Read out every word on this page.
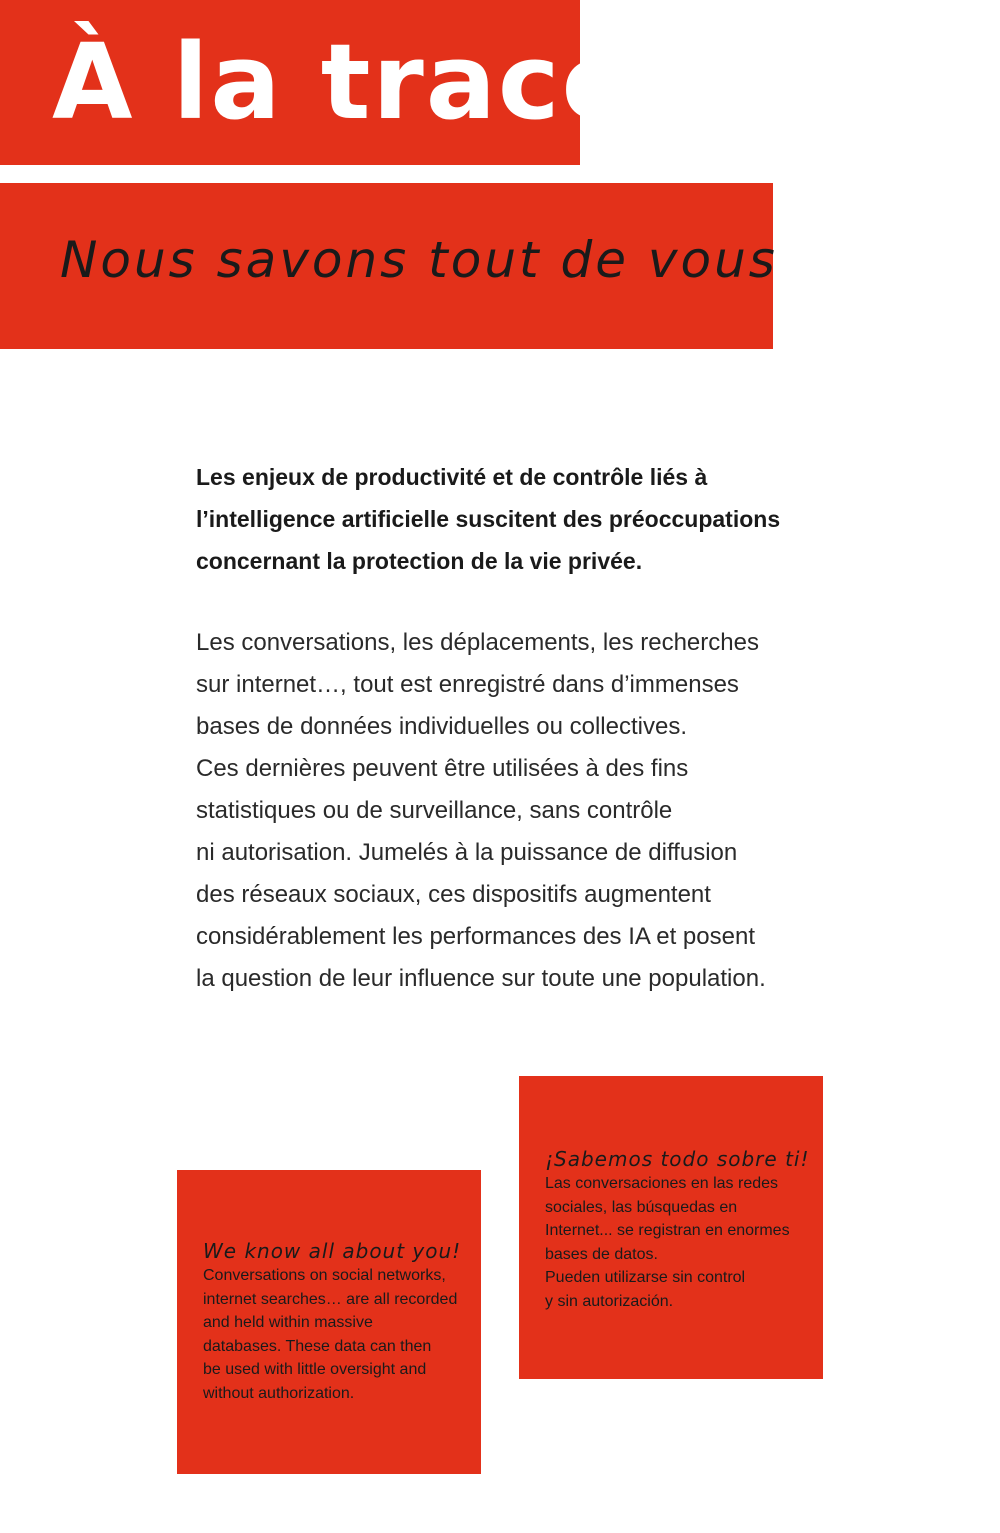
À la trace
Nous savons tout de vous

Les enjeux de productivité et de contrôle liés à
l’intelligence artificielle suscitent des préoccupations
concernant la protection de la vie privée.

Les conversations, les déplacements, les recherches
sur internet…, tout est enregistré dans d’immenses
bases de données individuelles ou collectives.
Ces dernières peuvent être utilisées à des fins
statistiques ou de surveillance, sans contrôle
ni autorisation. Jumelés à la puissance de diffusion
des réseaux sociaux, ces dispositifs augmentent
considérablement les performances des IA et posent
la question de leur influence sur toute une population.

We know all about you!

Conversations on social networks,
internet searches… are all recorded
and held within massive
databases. These data can then
be used with little oversight and
without authorization.

¡Sabemos todo sobre ti!

Las conversaciones en las redes
sociales, las búsquedas en
Internet... se registran en enormes
bases de datos.
Pueden utilizarse sin control
y sin autorización.
